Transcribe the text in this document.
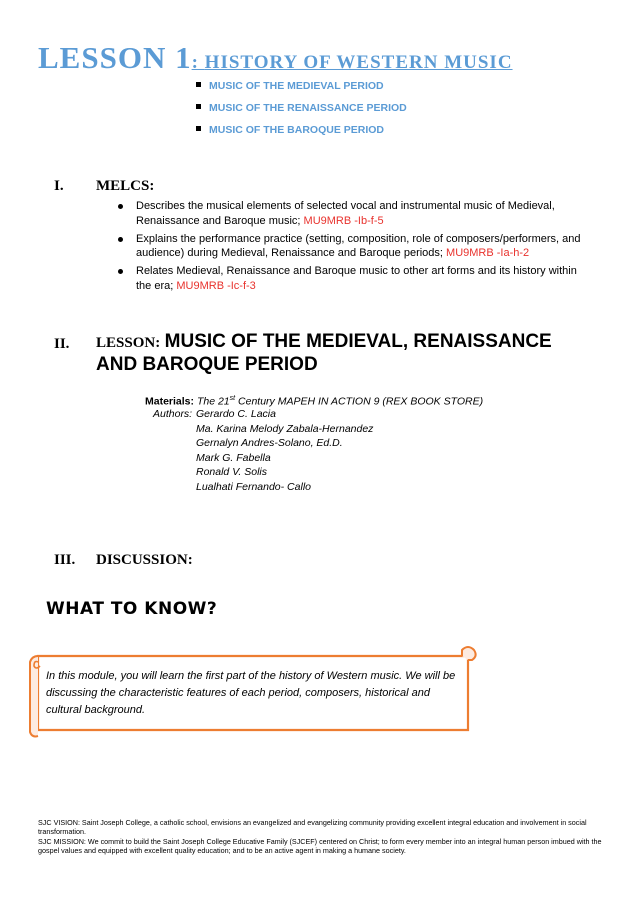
LESSON 1: HISTORY OF WESTERN MUSIC
MUSIC OF THE MEDIEVAL PERIOD
MUSIC OF THE RENAISSANCE PERIOD
MUSIC OF THE BAROQUE PERIOD
I. MELCS:
Describes the musical elements of selected vocal and instrumental music of Medieval, Renaissance and Baroque music; MU9MRB -Ib-f-5
Explains the performance practice (setting, composition, role of composers/performers, and audience) during Medieval, Renaissance and Baroque periods; MU9MRB -Ia-h-2
Relates Medieval, Renaissance and Baroque music to other art forms and its history within the era; MU9MRB -Ic-f-3
II. LESSON: MUSIC OF THE MEDIEVAL, RENAISSANCE
AND BAROQUE PERIOD
Materials: The 21st Century MAPEH IN ACTION 9 (REX BOOK STORE)
Authors: Gerardo C. Lacia
Ma. Karina Melody Zabala-Hernandez
Gernalyn Andres-Solano, Ed.D.
Mark G. Fabella
Ronald V. Solis
Lualhati Fernando- Callo
III. DISCUSSION:
WHAT TO KNOW?
In this module, you will learn the first part of the history of Western music. We will be
discussing the characteristic features of each period, composers, historical and
cultural background.
SJC VISION: Saint Joseph College, a catholic school, envisions an evangelized and evangelizing community providing excellent integral education and involvement in social transformation.
SJC MISSION: We commit to build the Saint Joseph College Educative Family (SJCEF) centered on Christ; to form every member into an integral human person imbued with the gospel values and equipped with excellent quality education; and to be an active agent in making a humane society.
